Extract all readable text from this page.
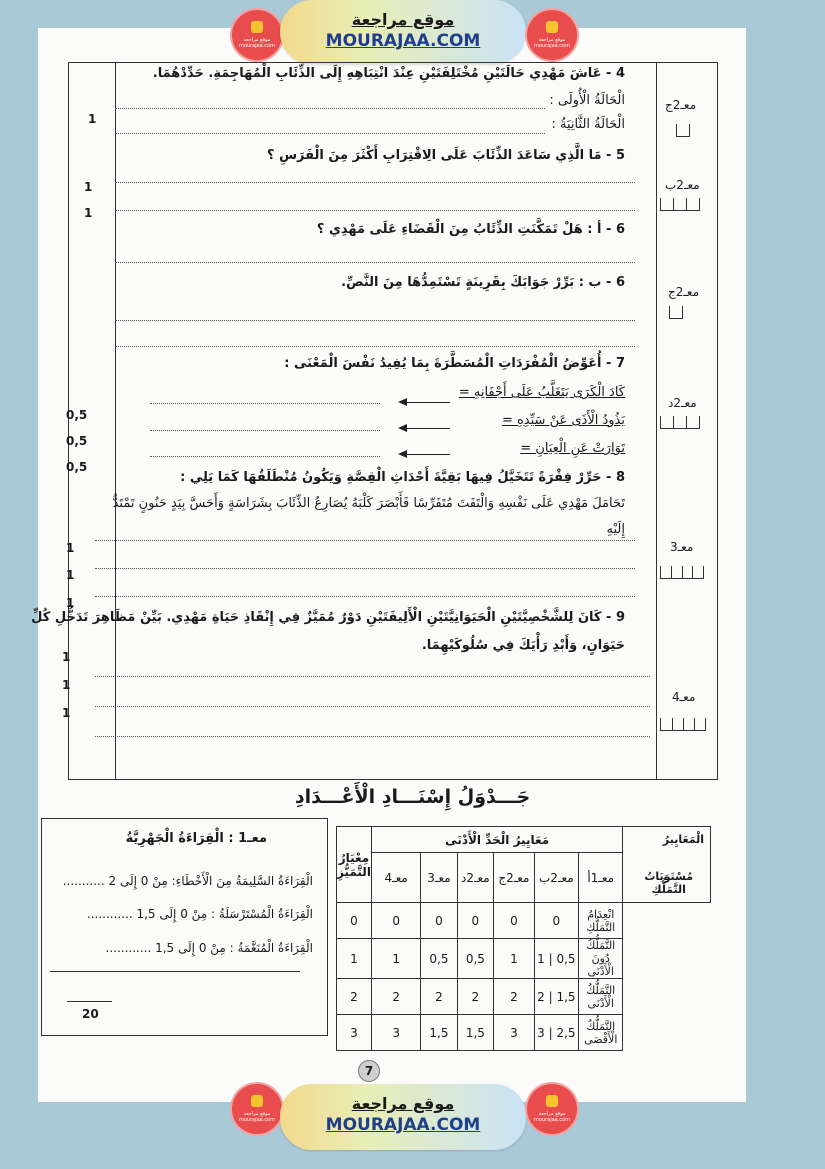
موقع مراجعة mourajaa.com
موقع مراجعة
MOURAJAA.COM	موقع مراجعة mourajaa.com
4 - عَاشَ مَهْدِي حَالَتَيْنِ مُخْتَلِفَتَيْنِ عِنْدَ انْتِبَاهِهِ إِلَى الذِّئَابِ الْمُهَاجِمَةِ. حَدِّدْهُمَا.
الْحَالَةُ الْأُولَى :
الْحَالَةُ الثَّانِيَةُ :
1
معـ2ج
5 - مَا الَّذِي سَاعَدَ الذِّئَابَ عَلَى الِاقْتِرَابِ أَكْثَرَ مِنَ الْفَرَسِ ؟
1
1
معـ2ب
6 - أ : هَلْ تَمَكَّنَتِ الذِّئَابُ مِنَ الْقَضَاءِ عَلَى مَهْدِي ؟
6 - ب : بَرِّرْ جَوَابَكَ بِقَرِينَةٍ تَسْتَمِدُّهَا مِنَ النَّصِّ.
معـ2ج
7 - أُعَوِّضُ الْمُفْرَدَاتِ الْمُسَطَّرَةَ بِمَا يُفِيدُ نَفْسَ الْمَعْنَى :
كَادَ الْكَرَى يَتَغَلَّبُ عَلَى أَجْفَانِهِ =
يَذُودُ الْأَذَى عَنْ سَيِّدِهِ =
تَوَارَتْ عَنِ الْعِيَانِ =
0,5
0,5
0,5
معـ2د
8 - حَرِّرْ فِقْرَةً تَتَخَيَّلُ فِيهَا بَقِيَّةَ أَحْدَاثِ الْقِصَّةِ وَيَكُونُ مُنْطَلَقُهَا كَمَا يَلِي :
تَحَامَلَ مَهْدِي عَلَى نَفْسِهِ وَالْتَفَتَ مُتَفَرِّسًا فَأَبْصَرَ كَلْبَهُ يُصَارِعُ الذِّئَابَ بِشَرَاسَةٍ وَأَحَسَّ بِيَدٍ حَنُونٍ تَمْتَدُّ
إِلَيْهِ
1
1
1
معـ3
9 - كَانَ لِلشَّخْصِيَّتَيْنِ الْحَيَوَانِيَّتَيْنِ الْأَلِيفَتَيْنِ دَوْرٌ مُمَيَّزٌ فِي إِنْقَاذِ حَيَاةِ مَهْدِي. بَيِّنْ مَظَاهِرَ تَدَخُّلِ كُلِّ
حَيَوَانٍ، وَأَبْدِ رَأْيَكَ فِي سُلُوكَيْهِمَا.
1
1
1
معـ4
جَـــدْوَلُ إِسْنَـــادِ الْأَعْـــدَادِ
معـ1 : الْقِرَاءَةُ الْجَهْرِيَّةُ
الْقِرَاءَةُ السَّلِيمَةُ مِنَ الْأَخْطَاءِ: مِنْ 0 إِلَى 2 ...........
الْقِرَاءَةُ الْمُسْتَرْسَلَةُ : مِنْ 0 إِلَى 1,5 ............
الْقِرَاءَةُ الْمُنَغَّمَةُ : مِنْ 0 إِلَى 1,5 ............
20
مِعْيَارُ التَّمَيُّزِ	مَعَايِيرُ الْحَدِّ الْأَدْنَى						الْمَعَايِيرُ
مُسْتَوَيَاتُ التَّمَلُّكِ

	معـ4	معـ3	معـ2د	معـ2ج	معـ2ب	معـ1أ	
0	0	0	0	0	0	انْعِدَامُ التَّمَلُّكِ	
1	1	0,5	0,5	1	1 | 0,5	التَّمَلُّكُ دُونَ الْأَدْنَى	
2	2	2	2	2	2 | 1,5	التَّمَلُّكُ الْأَدْنَى	
3	3	1,5	1,5	3	3 | 2,5	التَّمَلُّكُ الْأَقْصَى	
7
موقع مراجعة mourajaa.com
موقع مراجعة
MOURAJAA.COM
موقع مراجعة mourajaa.com
